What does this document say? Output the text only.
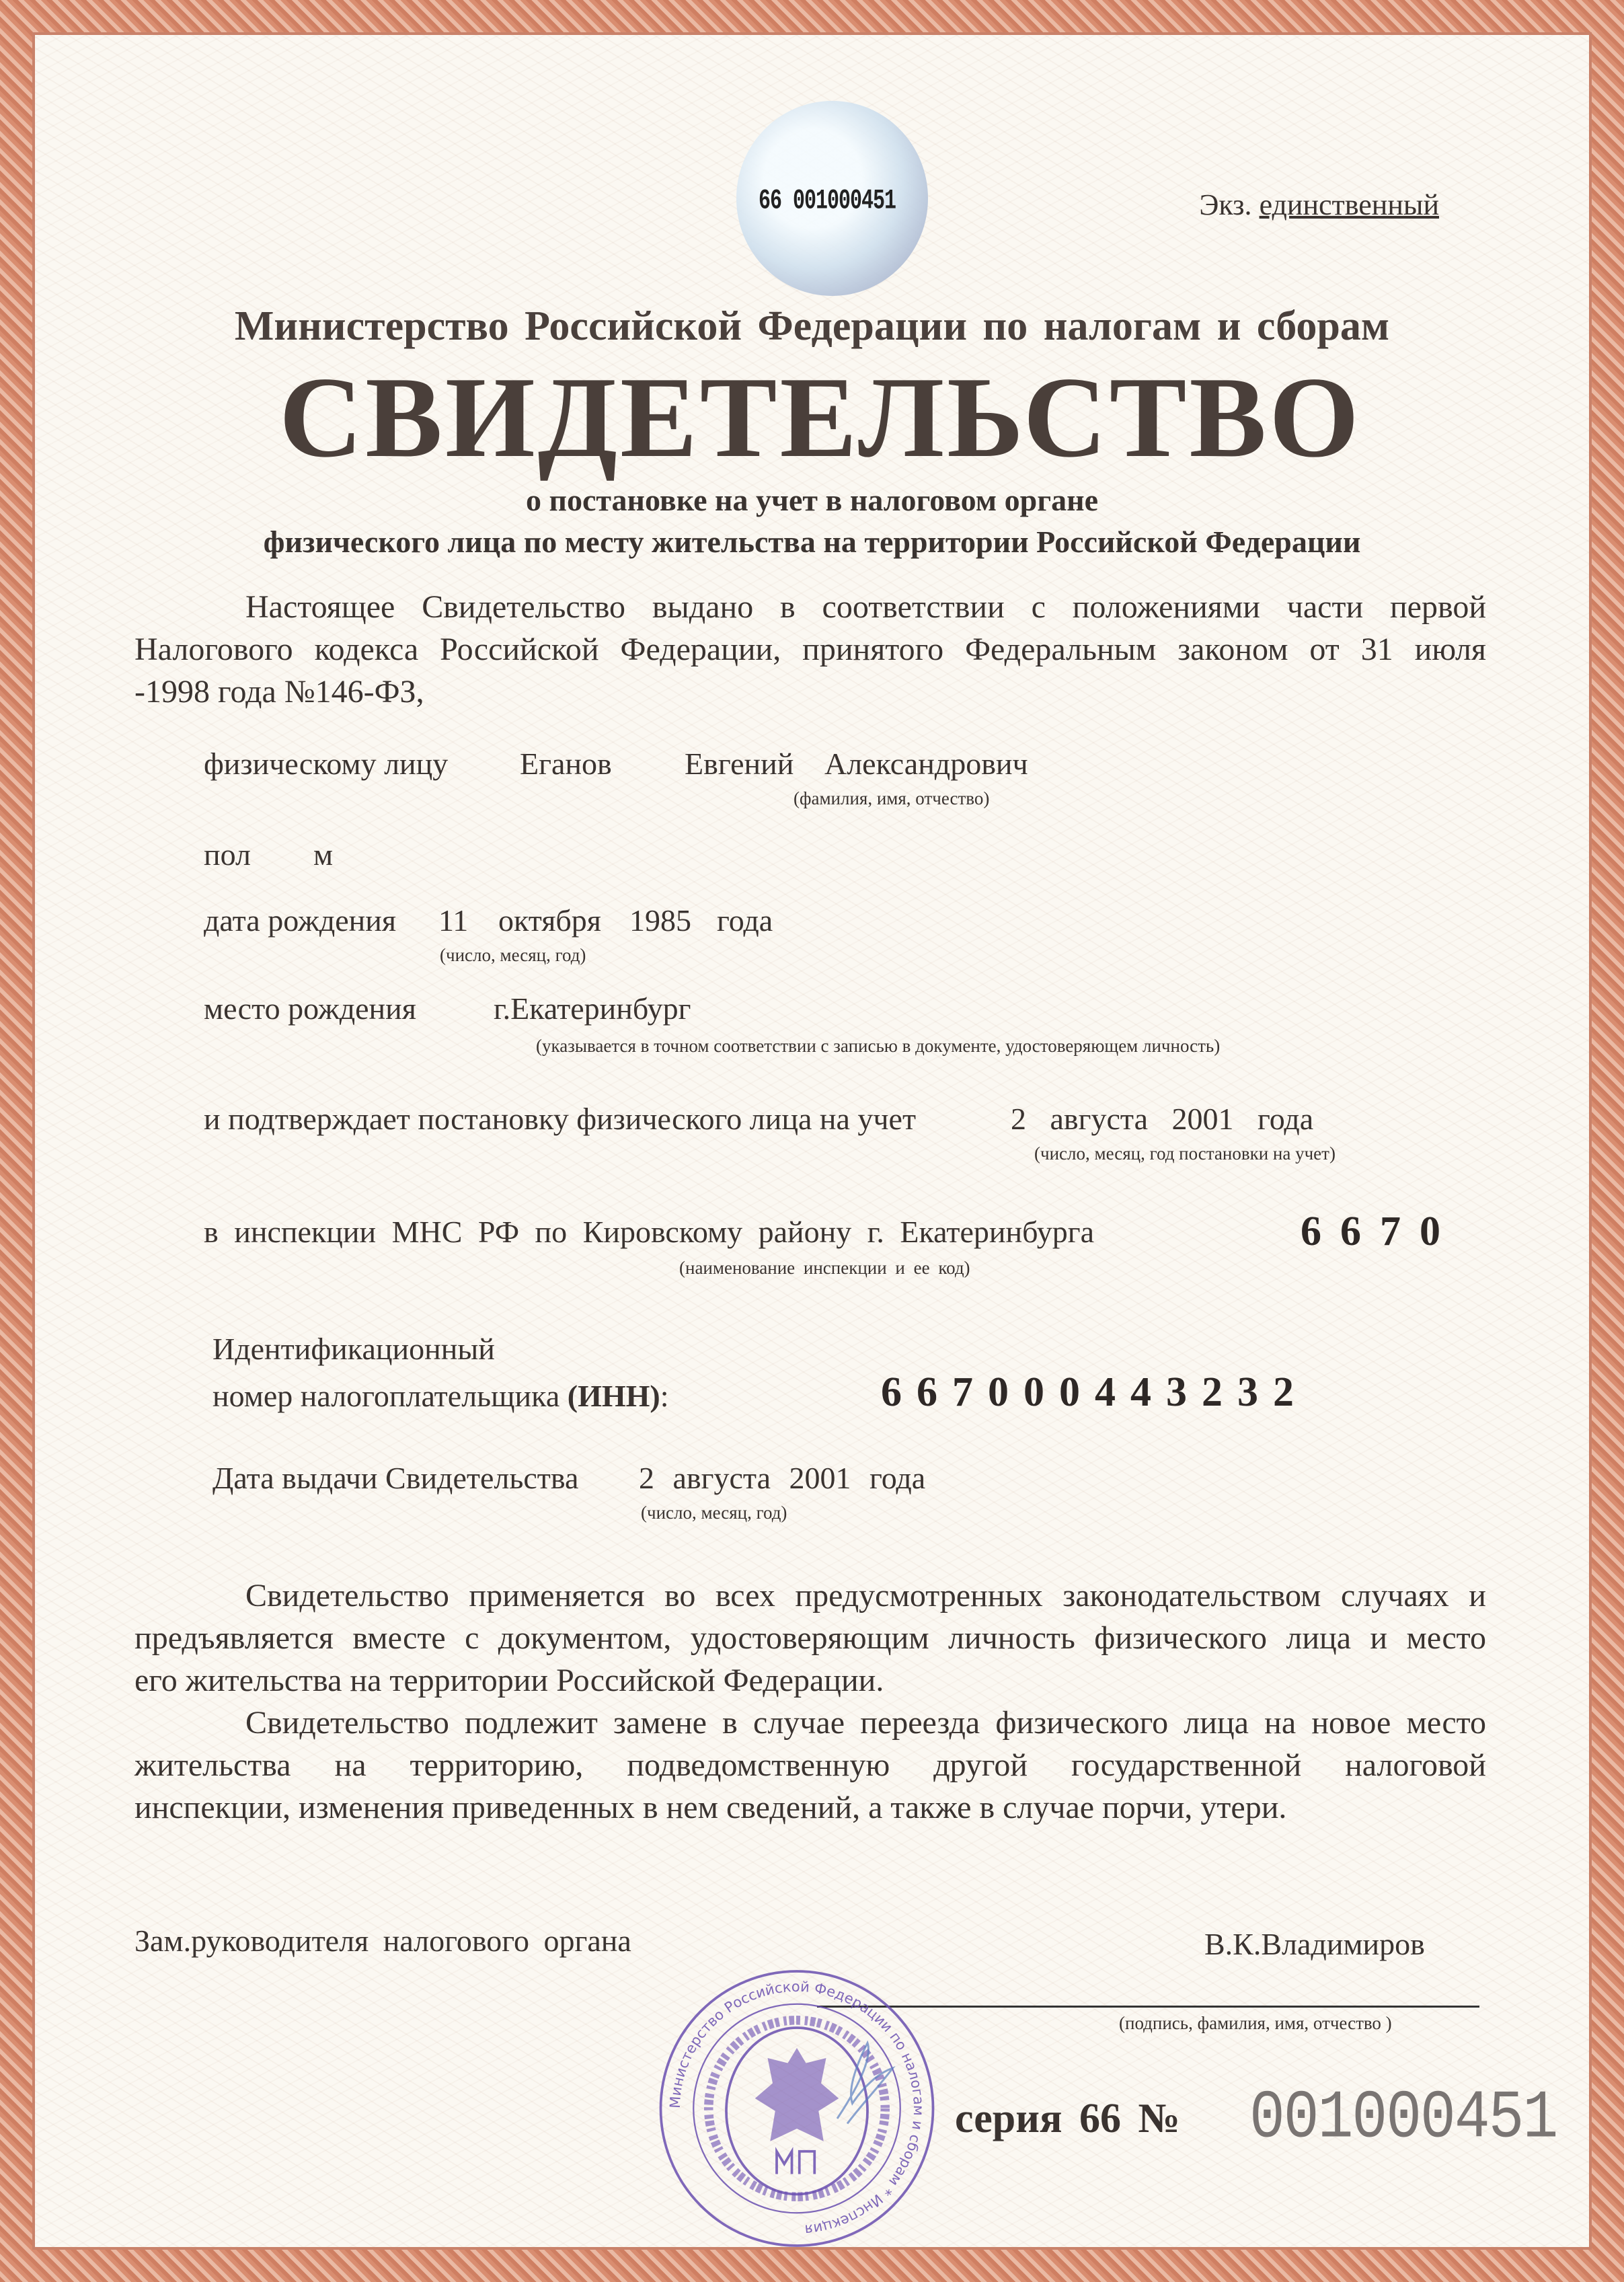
66 001000451	Экз. единственный
Министерство Российской Федерации по налогам и сборам
СВИДЕТЕЛЬСТВО
о постановке на учет в налоговом органе
физического лица по месту жительства на территории Российской Федерации
Настоящее Свидетельство выдано в соответствии с положениями части первой
Налогового кодекса Российской Федерации, принятого Федеральным законом от 31 июля
-1998 года №146-ФЗ,
физическому лицу Еганов Евгений Александрович
(фамилия, имя, отчество)
пол м
дата рождения 11 октября 1985 года
(число, месяц, год)
место рождения	г.Екатеринбург
(указывается в точном соответствии с записью в документе, удостоверяющем личность)
и подтверждает постановку физического лица на учет	2 августа 2001 года
(число, месяц, год постановки на учет)
в инспекции МНС РФ по Кировскому району г. Екатеринбурга	6670
(наименование инспекции и ее код)
Идентификационный
номер налогоплательщика (ИНН):	667000443232
Дата выдачи Свидетельства 2 августа 2001 года
(число, месяц, год)
Свидетельство применяется во всех предусмотренных законодательством случаях и
предъявляется вместе с документом, удостоверяющим личность физического лица и место
его жительства на территории Российской Федерации.
Свидетельство подлежит замене в случае переезда физического лица на новое место
жительства на территорию, подведомственную другой государственной налоговой
инспекции, изменения приведенных в нем сведений, а также в случае порчи, утери.
Зам.руководителя налогового органа	В.К.Владимиров
(подпись, фамилия, имя, отчество )
Министерство Российской Федерации по налогам и сборам * Инспекция
серия 66 № 001000451
